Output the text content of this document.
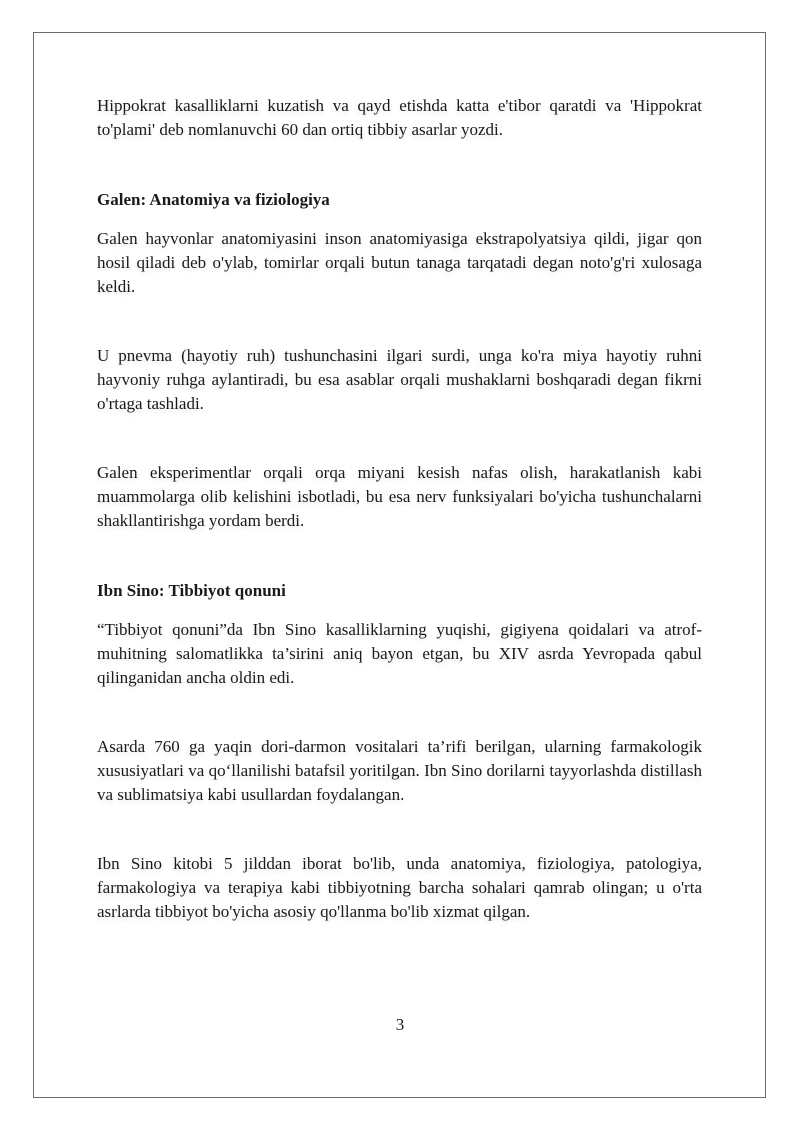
Hippokrat kasalliklarni kuzatish va qayd etishda katta e'tibor qaratdi va 'Hippokrat to'plami' deb nomlanuvchi 60 dan ortiq tibbiy asarlar yozdi.

Galen: Anatomiya va fiziologiya

Galen hayvonlar anatomiyasini inson anatomiyasiga ekstrapolyatsiya qildi, jigar qon hosil qiladi deb o'ylab, tomirlar orqali butun tanaga tarqatadi degan noto'g'ri xulosaga keldi.

U pnevma (hayotiy ruh) tushunchasini ilgari surdi, unga ko'ra miya hayotiy ruhni hayvoniy ruhga aylantiradi, bu esa asablar orqali mushaklarni boshqaradi degan fikrni o'rtaga tashladi.

Galen eksperimentlar orqali orqa miyani kesish nafas olish, harakatlanish kabi muammolarga olib kelishini isbotladi, bu esa nerv funksiyalari bo'yicha tushunchalarni shakllantirishga yordam berdi.

Ibn Sino: Tibbiyot qonuni

“Tibbiyot qonuni”da Ibn Sino kasalliklarning yuqishi, gigiyena qoidalari va atrof-muhitning salomatlikka ta’sirini aniq bayon etgan, bu XIV asrda Yevropada qabul qilinganidan ancha oldin edi.

Asarda 760 ga yaqin dori-darmon vositalari ta’rifi berilgan, ularning farmakologik xususiyatlari va qo‘llanilishi batafsil yoritilgan. Ibn Sino dorilarni tayyorlashda distillash va sublimatsiya kabi usullardan foydalangan.

Ibn Sino kitobi 5 jilddan iborat bo'lib, unda anatomiya, fiziologiya, patologiya, farmakologiya va terapiya kabi tibbiyotning barcha sohalari qamrab olingan; u o'rta asrlarda tibbiyot bo'yicha asosiy qo'llanma bo'lib xizmat qilgan.

3
